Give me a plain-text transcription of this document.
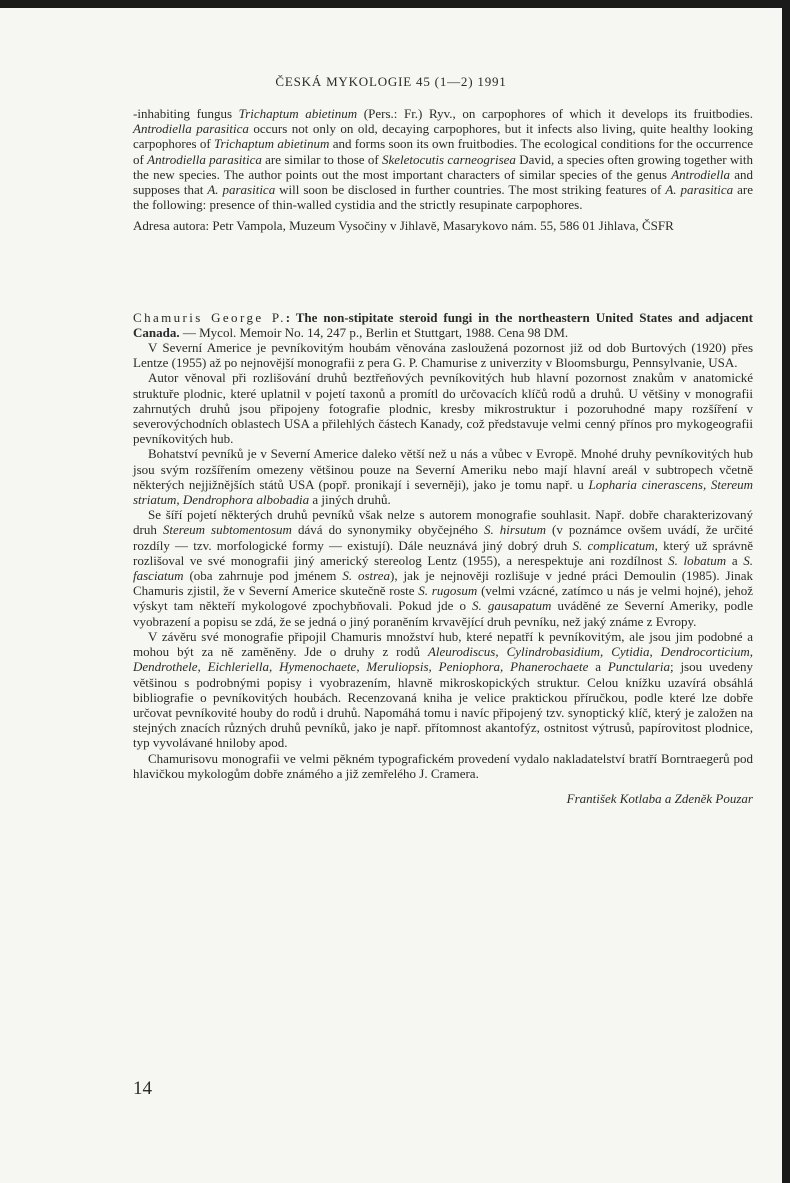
ČESKÁ MYKOLOGIE 45 (1—2) 1991

-inhabiting fungus Trichaptum abietinum (Pers.: Fr.) Ryv., on carpophores of which it develops its fruitbodies. Antrodiella parasitica occurs not only on old, decaying carpophores, but it infects also living, quite healthy looking carpophores of Trichaptum abietinum and forms soon its own fruitbodies. The ecological conditions for the occurrence of Antrodiella parasitica are similar to those of Skeletocutis carneogrisea David, a species often growing together with the new species. The author points out the most important characters of similar species of the genus Antrodiella and supposes that A. parasitica will soon be disclosed in further countries. The most striking features of A. parasitica are the following: presence of thin-walled cystidia and the strictly resupinate carpophores.

Adresa autora: Petr Vampola, Muzeum Vysočiny v Jihlavě, Masarykovo nám. 55, 586 01 Jihlava, ČSFR

Chamuris George P.: The non-stipitate steroid fungi in the northeastern United States and adjacent Canada. — Mycol. Memoir No. 14, 247 p., Berlin et Stuttgart, 1988. Cena 98 DM.

V Severní Americe je pevníkovitým houbám věnována zasloužená pozornost již od dob Burtových (1920) přes Lentze (1955) až po nejnovější monografii z pera G. P. Chamurise z univerzity v Bloomsburgu, Pennsylvanie, USA.

Autor věnoval při rozlišování druhů beztřeňových pevníkovitých hub hlavní pozornost znakům v anatomické struktuře plodnic, které uplatnil v pojetí taxonů a promítl do určovacích klíčů rodů a druhů. U většiny v monografii zahrnutých druhů jsou připojeny fotografie plodnic, kresby mikrostruktur i pozoruhodné mapy rozšíření v severovýchodních oblastech USA a přilehlých částech Kanady, což představuje velmi cenný přínos pro mykogeografii pevníkovitých hub.

Bohatství pevníků je v Severní Americe daleko větší než u nás a vůbec v Evropě. Mnohé druhy pevníkovitých hub jsou svým rozšířením omezeny většinou pouze na Severní Ameriku nebo mají hlavní areál v subtropech včetně některých nejjižnějších států USA (popř. pronikají i severněji), jako je tomu např. u Lopharia cinerascens, Stereum striatum, Dendrophora albobadia a jiných druhů.

Se šíří pojetí některých druhů pevníků však nelze s autorem monografie souhlasit. Např. dobře charakterizovaný druh Stereum subtomentosum dává do synonymiky obyčejného S. hirsutum (v poznámce ovšem uvádí, že určité rozdíly — tzv. morfologické formy — existují). Dále neuznává jiný dobrý druh S. complicatum, který už správně rozlišoval ve své monografii jiný americký stereolog Lentz (1955), a nerespektuje ani rozdílnost S. lobatum a S. fasciatum (oba zahrnuje pod jménem S. ostrea), jak je nejnověji rozlišuje v jedné práci Demoulin (1985). Jinak Chamuris zjistil, že v Severní Americe skutečně roste S. rugosum (velmi vzácné, zatímco u nás je velmi hojné), jehož výskyt tam někteří mykologové zpochybňovali. Pokud jde o S. gausapatum uváděné ze Severní Ameriky, podle vyobrazení a popisu se zdá, že se jedná o jiný poraněním krvavějící druh pevníku, než jaký známe z Evropy.

V závěru své monografie připojil Chamuris množství hub, které nepatří k pevníkovitým, ale jsou jim podobné a mohou být za ně zaměněny. Jde o druhy z rodů Aleurodiscus, Cylindrobasidium, Cytidia, Dendrocorticium, Dendrothele, Eichleriella, Hymenochaete, Meruliopsis, Peniophora, Phanerochaete a Punctularia; jsou uvedeny většinou s podrobnými popisy i vyobrazením, hlavně mikroskopických struktur. Celou knížku uzavírá obsáhlá bibliografie o pevníkovitých houbách. Recenzovaná kniha je velice praktickou příručkou, podle které lze dobře určovat pevníkovité houby do rodů i druhů. Napomáhá tomu i navíc připojený tzv. synoptický klíč, který je založen na stejných znacích různých druhů pevníků, jako je např. přítomnost akantofýz, ostnitost výtrusů, papírovitost plodnice, typ vyvolávané hniloby apod.

Chamurisovu monografii ve velmi pěkném typografickém provedení vydalo nakladatelství bratří Borntraegerů pod hlavičkou mykologům dobře známého a již zemřelého J. Cramera.

František Kotlaba a Zdeněk Pouzar

14
